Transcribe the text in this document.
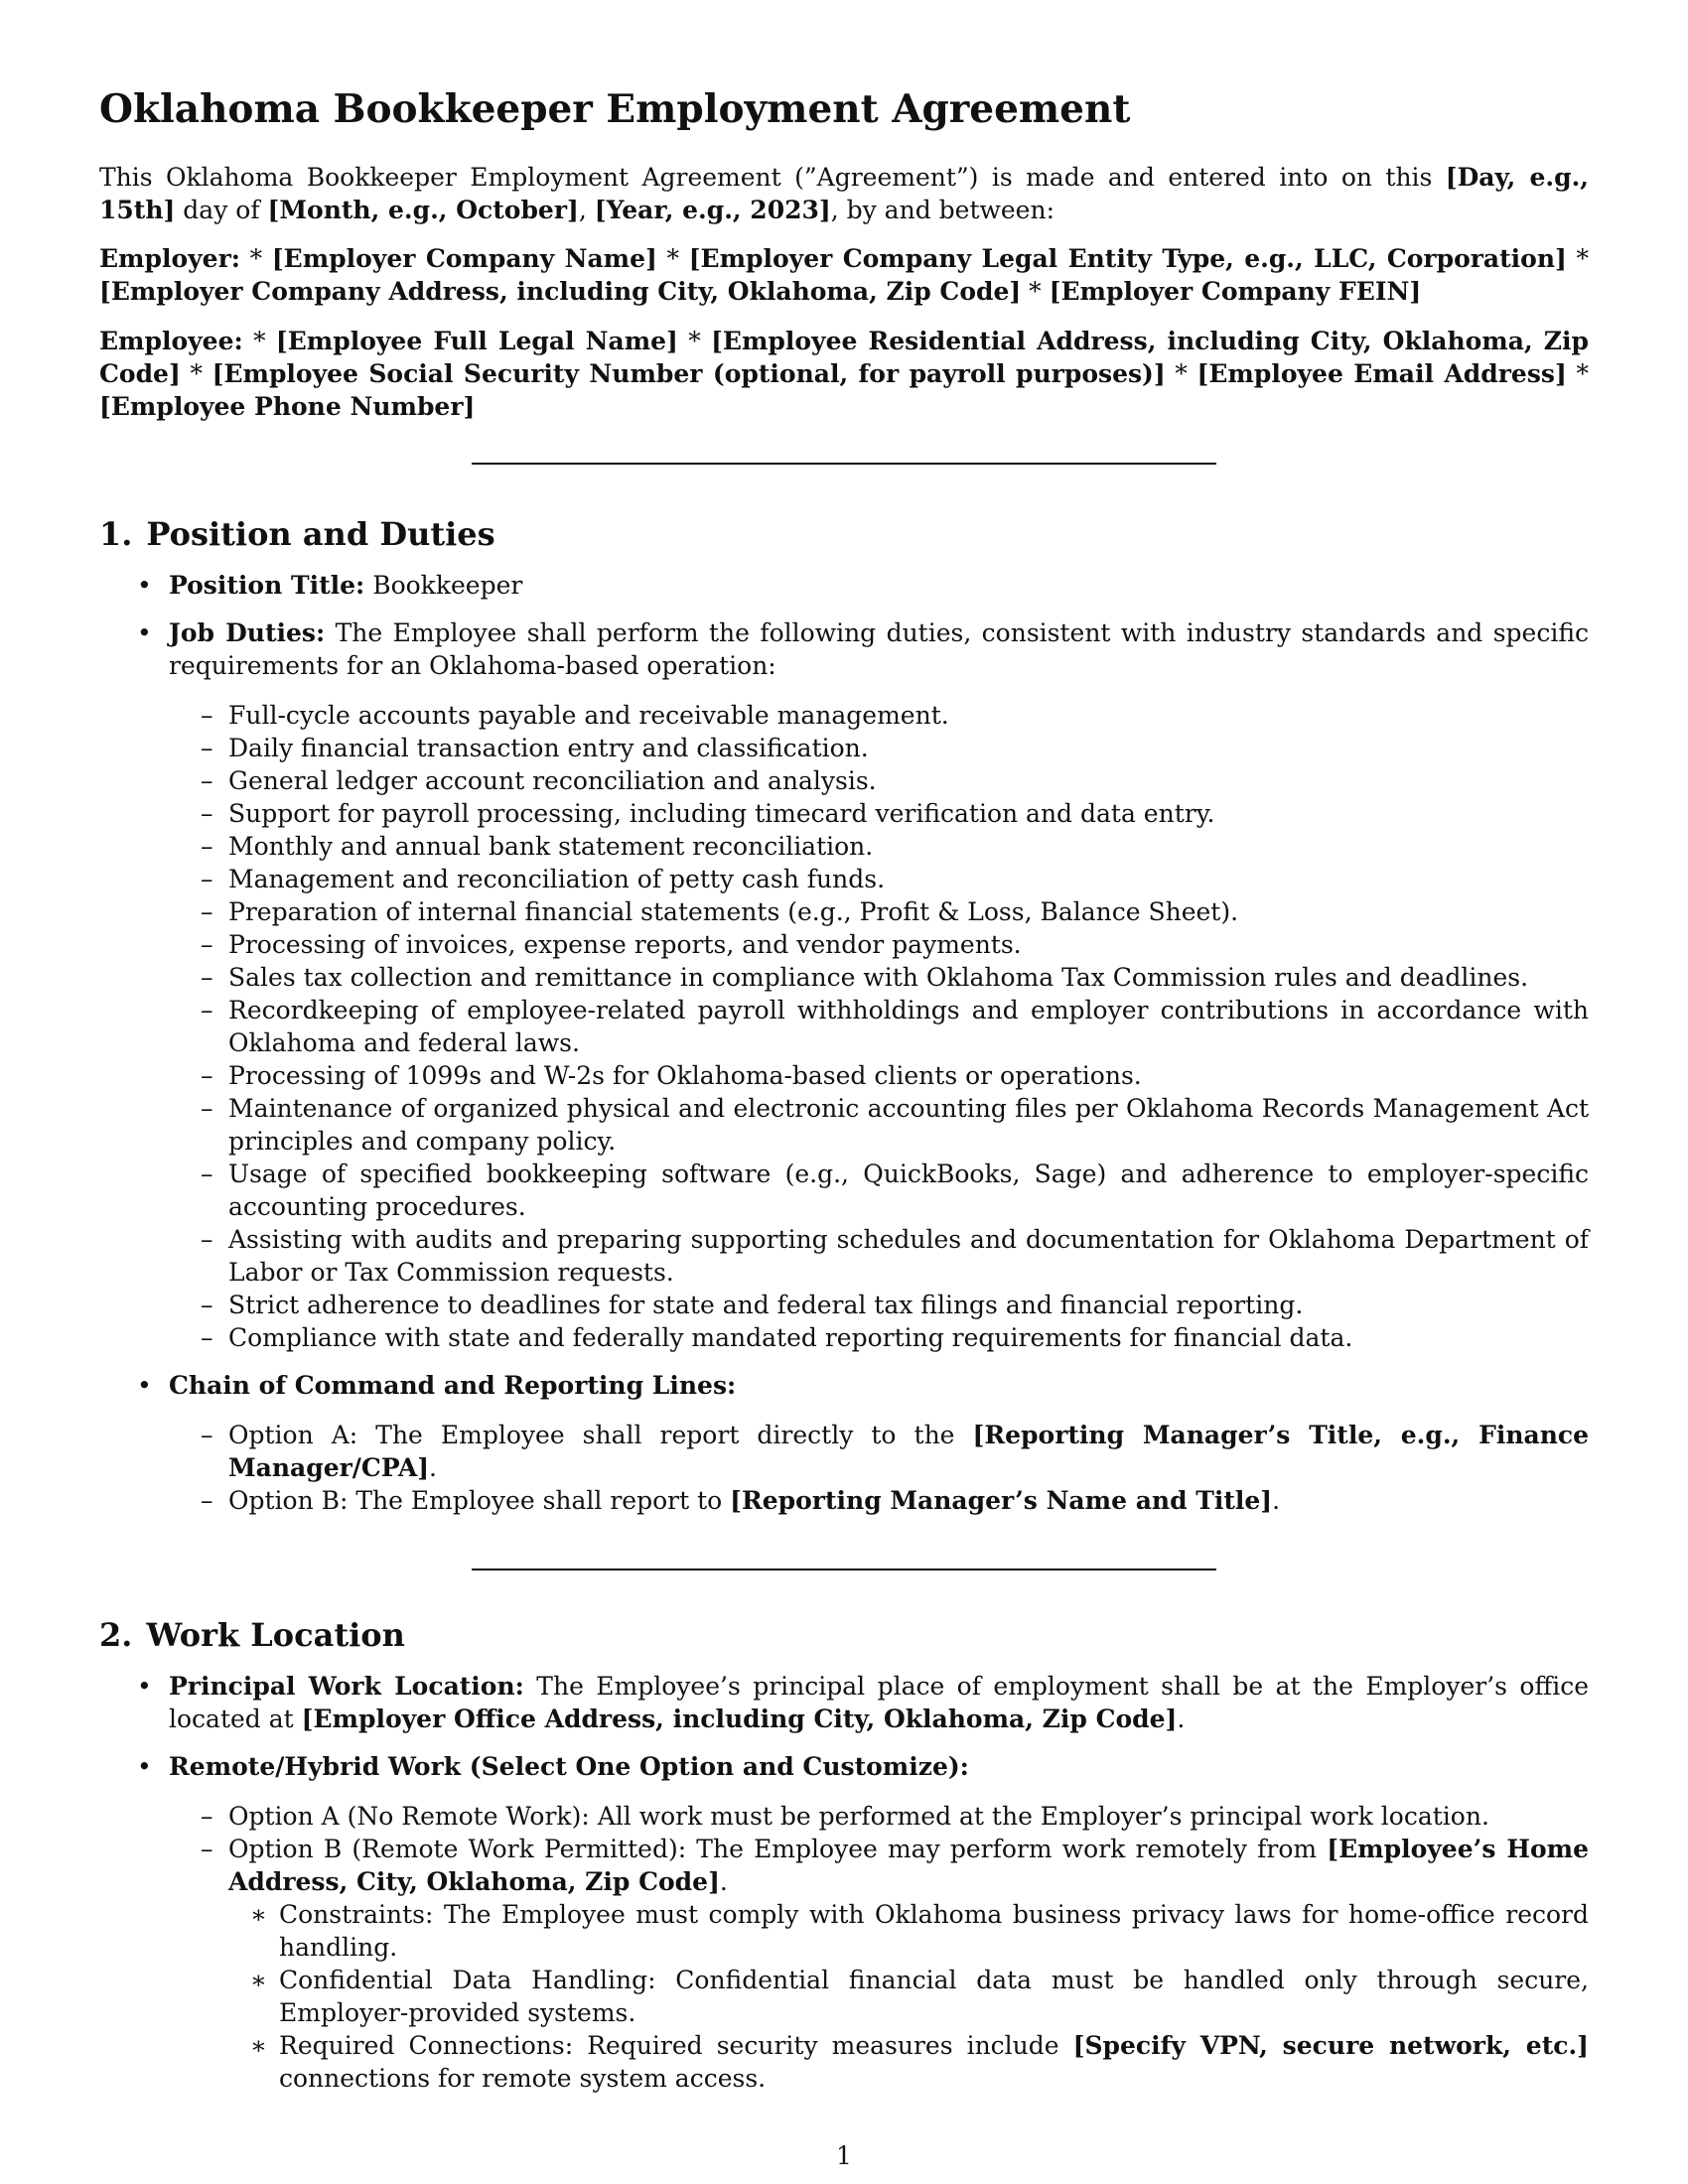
Oklahoma Bookkeeper Employment Agreement

This Oklahoma Bookkeeper Employment Agreement (”Agreement”) is made and entered into on this [Day, e.g., 15th] day of [Month, e.g., October], [Year, e.g., 2023], by and between:

Employer: * [Employer Company Name] * [Employer Company Legal Entity Type, e.g., LLC, Corporation] * [Employer Company Address, including City, Oklahoma, Zip Code] * [Employer Company FEIN]

Employee: * [Employee Full Legal Name] * [Employee Residential Address, including City, Oklahoma, Zip Code] * [Employee Social Security Number (optional, for payroll purposes)] * [Employee Email Address] * [Employee Phone Number]

1. Position and Duties
• Position Title: Bookkeeper
• Job Duties: The Employee shall perform the following duties, consistent with industry standards and specific requirements for an Oklahoma-based operation:
– Full-cycle accounts payable and receivable management.
– Daily financial transaction entry and classification.
– General ledger account reconciliation and analysis.
– Support for payroll processing, including timecard verification and data entry.
– Monthly and annual bank statement reconciliation.
– Management and reconciliation of petty cash funds.
– Preparation of internal financial statements (e.g., Profit & Loss, Balance Sheet).
– Processing of invoices, expense reports, and vendor payments.
– Sales tax collection and remittance in compliance with Oklahoma Tax Commission rules and deadlines.
– Recordkeeping of employee-related payroll withholdings and employer contributions in accordance with Oklahoma and federal laws.
– Processing of 1099s and W-2s for Oklahoma-based clients or operations.
– Maintenance of organized physical and electronic accounting files per Oklahoma Records Management Act principles and company policy.
– Usage of specified bookkeeping software (e.g., QuickBooks, Sage) and adherence to employer-specific accounting procedures.
– Assisting with audits and preparing supporting schedules and documentation for Oklahoma Department of Labor or Tax Commission requests.
– Strict adherence to deadlines for state and federal tax filings and financial reporting.
– Compliance with state and federally mandated reporting requirements for financial data.
• Chain of Command and Reporting Lines:
– Option A: The Employee shall report directly to the [Reporting Manager’s Title, e.g., Finance Manager/CPA].
– Option B: The Employee shall report to [Reporting Manager’s Name and Title].
2. Work Location
• Principal Work Location: The Employee’s principal place of employment shall be at the Employer’s office located at [Employer Office Address, including City, Oklahoma, Zip Code].
• Remote/Hybrid Work (Select One Option and Customize):
– Option A (No Remote Work): All work must be performed at the Employer’s principal work location.
– Option B (Remote Work Permitted): The Employee may perform work remotely from [Employee’s Home Address, City, Oklahoma, Zip Code].
∗ Constraints: The Employee must comply with Oklahoma business privacy laws for home-office record handling.
∗ Confidential Data Handling: Confidential financial data must be handled only through secure, Employer-provided systems.
∗ Required Connections: Required security measures include [Specify VPN, secure network, etc.] connections for remote system access.
1
